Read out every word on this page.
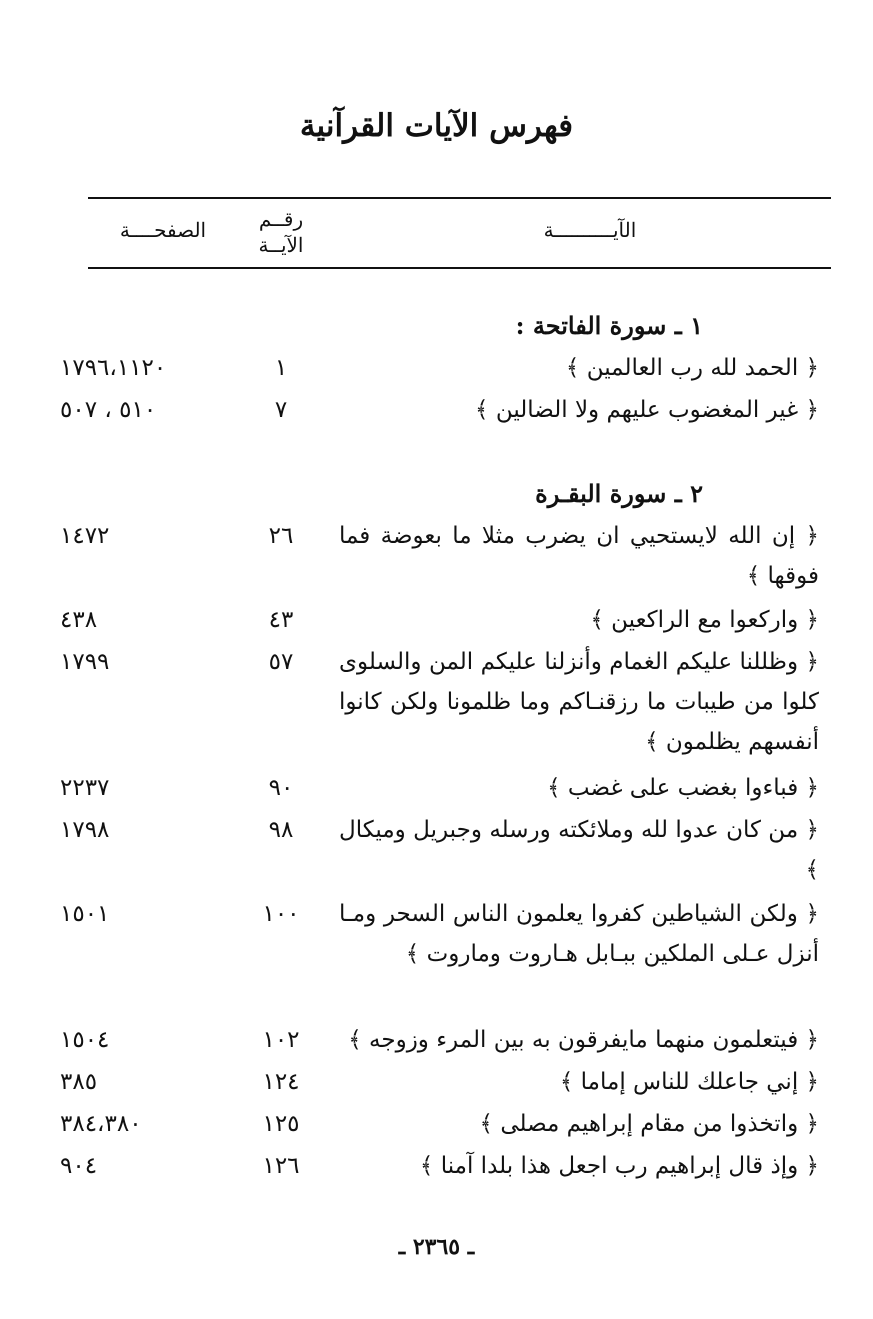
فهرس الآيات القرآنية
الآيــــــــــة
رقــم
الآيــة
الصفحــــة
١ ـ سورة الفاتحة :
﴿ الحمد لله رب العالمين ﴾
١
١٧٩٦،١١٢٠
﴿ غير المغضوب عليهم ولا الضالين ﴾
٧
٥١٠ ، ٥٠٧
٢ ـ سورة البقـرة
﴿ إن الله لايستحيي ان يضرب مثلا ما بعوضة فما فوقها ﴾
٢٦
١٤٧٢
﴿ واركعوا مع الراكعين ﴾
٤٣
٤٣٨
﴿ وظللنا عليكم الغمام وأنزلنا عليكم المن والسلوى كلوا من طيبات ما رزقنـاكم وما ظلمونا ولكن كانوا أنفسهم يظلمون ﴾
٥٧
١٧٩٩
﴿ فباءوا بغضب على غضب ﴾
٩٠
٢٢٣٧
﴿ من كان عدوا لله وملائكته ورسله وجبريل وميكال ﴾
٩٨
١٧٩٨
﴿ ولكن الشياطين كفروا يعلمون الناس السحر ومـا أنزل عـلى الملكين ببـابل هـاروت وماروت ﴾
١٠٠
١٥٠١
﴿ فيتعلمون منهما مايفرقون به بين المرء وزوجه ﴾
١٠٢
١٥٠٤
﴿ إني جاعلك للناس إماما ﴾
١٢٤
٣٨٥
﴿ واتخذوا من مقام إبراهيم مصلى ﴾
١٢٥
٣٨٤،٣٨٠
﴿ وإذ قال إبراهيم رب اجعل هذا بلدا آمنا ﴾
١٢٦
٩٠٤
ـ ٢٣٦٥ ـ
